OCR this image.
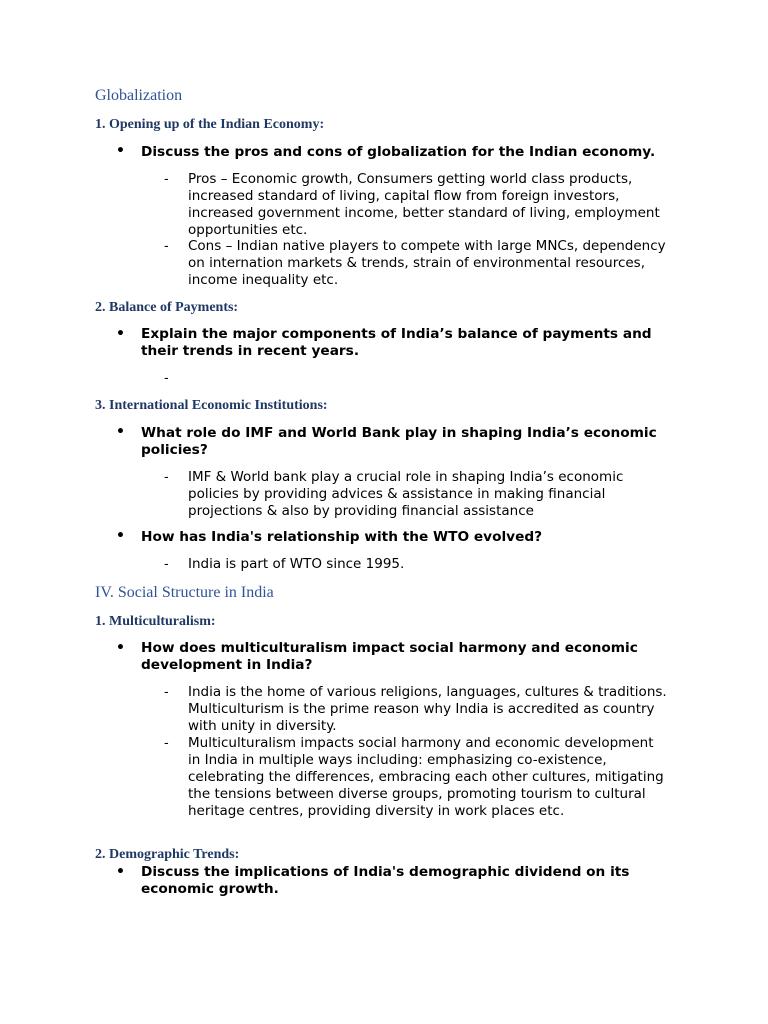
Globalization
1. Opening up of the Indian Economy:
• Discuss the pros and cons of globalization for the Indian economy.
- Pros – Economic growth, Consumers getting world class products, increased standard of living, capital flow from foreign investors, increased government income, better standard of living, employment opportunities etc.
- Cons – Indian native players to compete with large MNCs, dependency on internation markets & trends, strain of environmental resources, income inequality etc.
2. Balance of Payments:
• Explain the major components of India’s balance of payments and their trends in recent years.
-
3. International Economic Institutions:
• What role do IMF and World Bank play in shaping India’s economic policies?
- IMF & World bank play a crucial role in shaping India’s economic policies by providing advices & assistance in making financial projections & also by providing financial assistance
• How has India's relationship with the WTO evolved?
- India is part of WTO since 1995.
IV. Social Structure in India
1. Multiculturalism:
• How does multiculturalism impact social harmony and economic development in India?
- India is the home of various religions, languages, cultures & traditions. Multiculturism is the prime reason why India is accredited as country with unity in diversity.
- Multiculturalism impacts social harmony and economic development in India in multiple ways including: emphasizing co-existence, celebrating the differences, embracing each other cultures, mitigating the tensions between diverse groups, promoting tourism to cultural heritage centres, providing diversity in work places etc.
2. Demographic Trends:
• Discuss the implications of India's demographic dividend on its economic growth.
